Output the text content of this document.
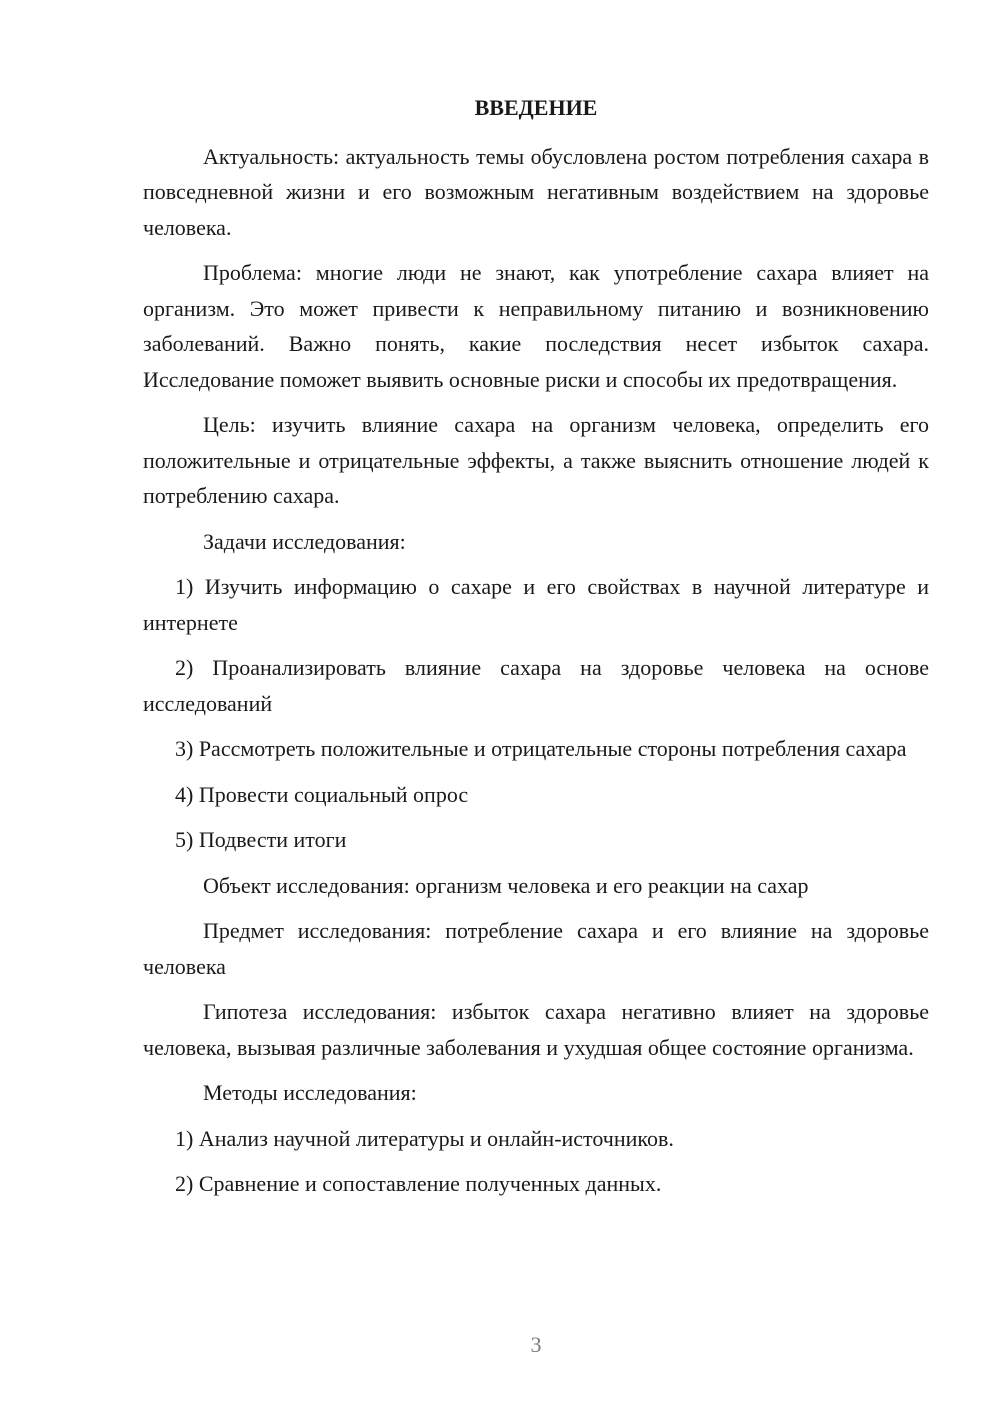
ВВЕДЕНИЕ
Актуальность: актуальность темы обусловлена ростом потребления сахара в повседневной жизни и его возможным негативным воздействием на здоровье человека.
Проблема: многие люди не знают, как употребление сахара влияет на организм. Это может привести к неправильному питанию и возникновению заболеваний. Важно понять, какие последствия несет избыток сахара. Исследование поможет выявить основные риски и способы их предотвращения.
Цель: изучить влияние сахара на организм человека, определить его положительные и отрицательные эффекты, а также выяснить отношение людей к потреблению сахара.
Задачи исследования:
1) Изучить информацию о сахаре и его свойствах в научной литературе и интернете
2) Проанализировать влияние сахара на здоровье человека на основе исследований
3) Рассмотреть положительные и отрицательные стороны потребления сахара
4) Провести социальный опрос
5) Подвести итоги
Объект исследования: организм человека и его реакции на сахар
Предмет исследования: потребление сахара и его влияние на здоровье человека
Гипотеза исследования: избыток сахара негативно влияет на здоровье человека, вызывая различные заболевания и ухудшая общее состояние организма.
Методы исследования:
1) Анализ научной литературы и онлайн-источников.
2) Сравнение и сопоставление полученных данных.
3
